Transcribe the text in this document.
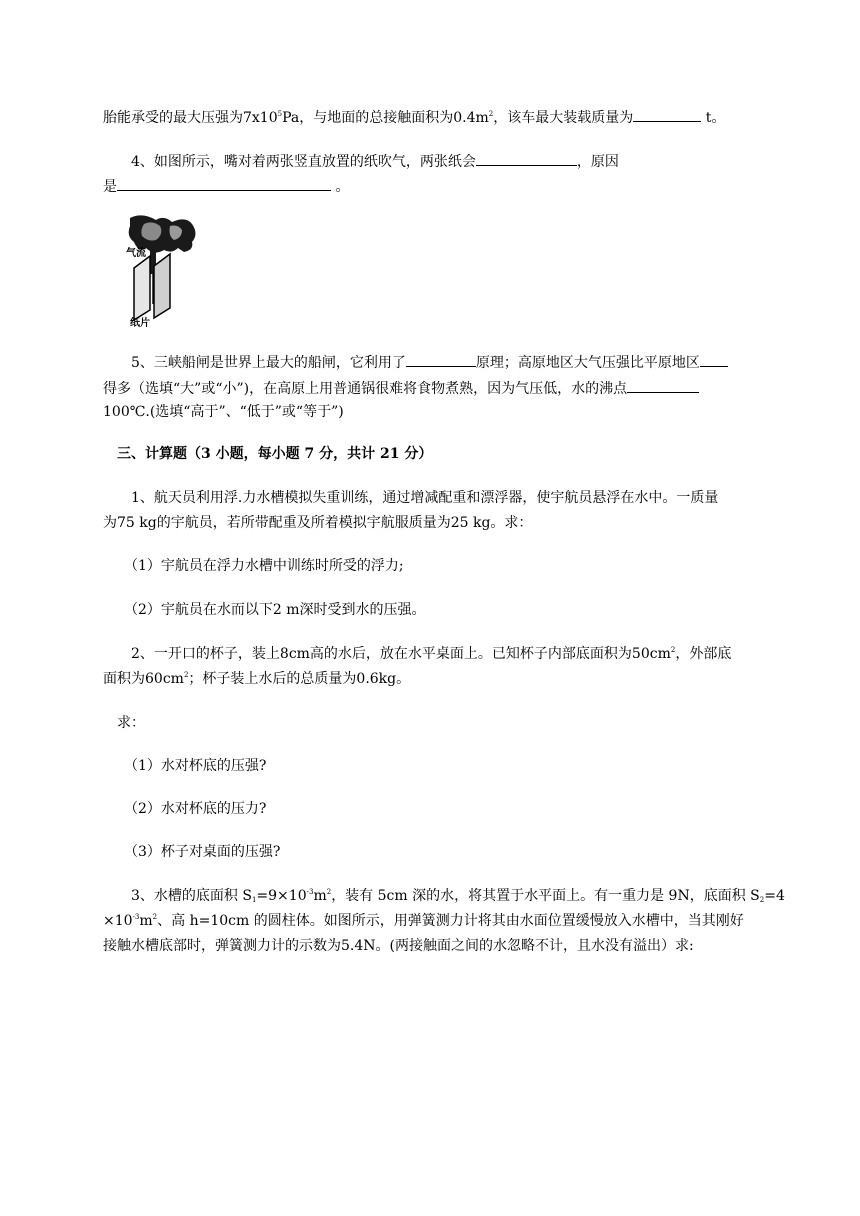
胎能承受的最大压强为$7x10^5Pa$，与地面的总接触面积为$0.4m^2$，该车最大装载质量为	t。
4、如图所示，嘴对着两张竖直放置的纸吹气，两张纸会	，原因
是	。
气流
纸片
5、三峡船闸是世界上最大的船闸，它利用了	原理；高原地区大气压强比平原地区
得多（选填“大”或“小”)，在高原上用普通锅很难将食物煮熟，因为气压低，水的沸点
100℃.(选填“高于”、“低于”或“等于”)
三、计算题（3 小题，每小题 7 分，共计 21 分）
1、航天员利用浮.力水槽模拟失重训练，通过增减配重和漂浮器，使宇航员悬浮在水中。一质量
为75 kg的宇航员，若所带配重及所着模拟宇航服质量为25 kg。求：
（1）宇航员在浮力水槽中训练时所受的浮力;
（2）宇航员在水而以下2 m深时受到水的压强。
2、一开口的杯子，装上8cm高的水后，放在水平桌面上。已知杯子内部底面积为$50cm^2$，外部底
面积为$60cm^2$；杯子装上水后的总质量为0.6kg。
求：
（1）水对杯底的压强?
（2）水对杯底的压力?
（3）杯子对桌面的压强?
3、水槽的底面积 $S_1=9\times 10^{-3}m^2$，装有 5cm 深的水，将其置于水平面上。有一重力是 9N，底面积 $S_2=4$
$\times 10^{-3}m^2$、高 h=10cm 的圆柱体。如图所示，用弹簧测力计将其由水面位置缓慢放入水槽中，当其刚好
接触水槽底部时，弹簧测力计的示数为5.4N。(两接触面之间的水忽略不计，且水没有溢出）求:
